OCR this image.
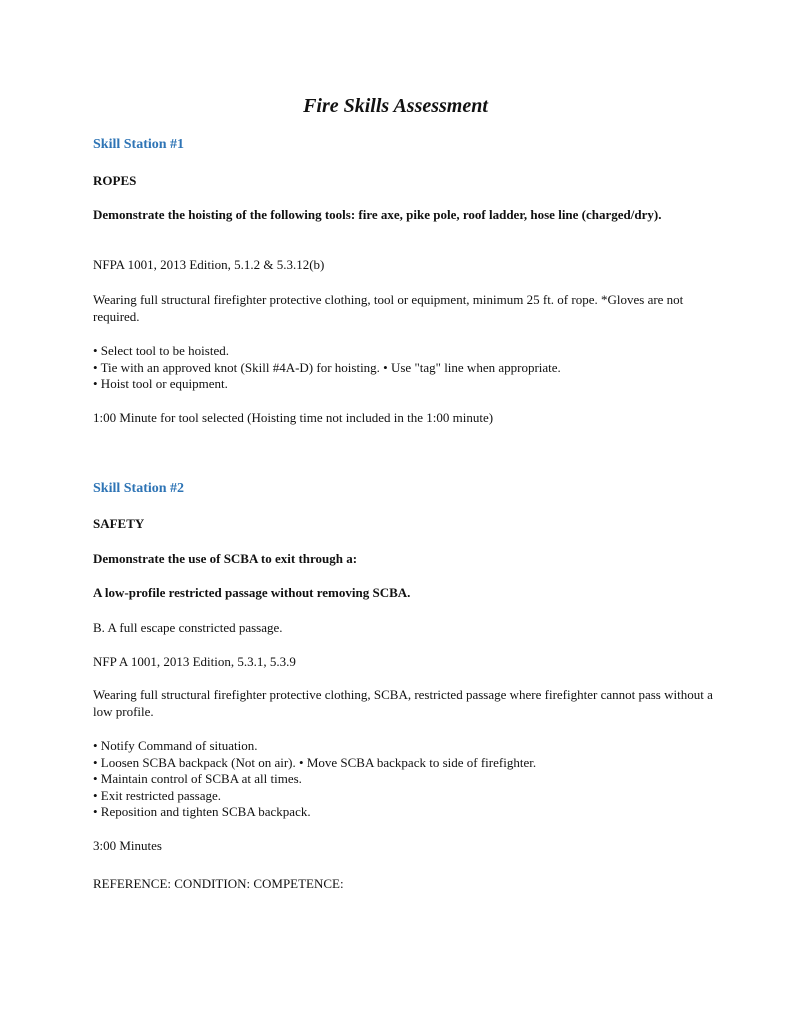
Fire Skills Assessment
Skill Station #1
ROPES
Demonstrate the hoisting of the following tools: fire axe, pike pole, roof ladder, hose line (charged/dry).
NFPA 1001, 2013 Edition, 5.1.2 & 5.3.12(b)
Wearing full structural firefighter protective clothing, tool or equipment, minimum 25 ft. of rope. *Gloves are not required.
• Select tool to be hoisted.
• Tie with an approved knot (Skill #4A-D) for hoisting. • Use "tag" line when appropriate.
• Hoist tool or equipment.
1:00 Minute for tool selected (Hoisting time not included in the 1:00 minute)
Skill Station #2
SAFETY
Demonstrate the use of SCBA to exit through a:
A low-profile restricted passage without removing SCBA.
B. A full escape constricted passage.
NFP A 1001, 2013 Edition, 5.3.1, 5.3.9
Wearing full structural firefighter protective clothing, SCBA, restricted passage where firefighter cannot pass without a low profile.
• Notify Command of situation.
• Loosen SCBA backpack (Not on air). • Move SCBA backpack to side of firefighter.
• Maintain control of SCBA at all times.
• Exit restricted passage.
• Reposition and tighten SCBA backpack.
3:00 Minutes
REFERENCE: CONDITION: COMPETENCE:
